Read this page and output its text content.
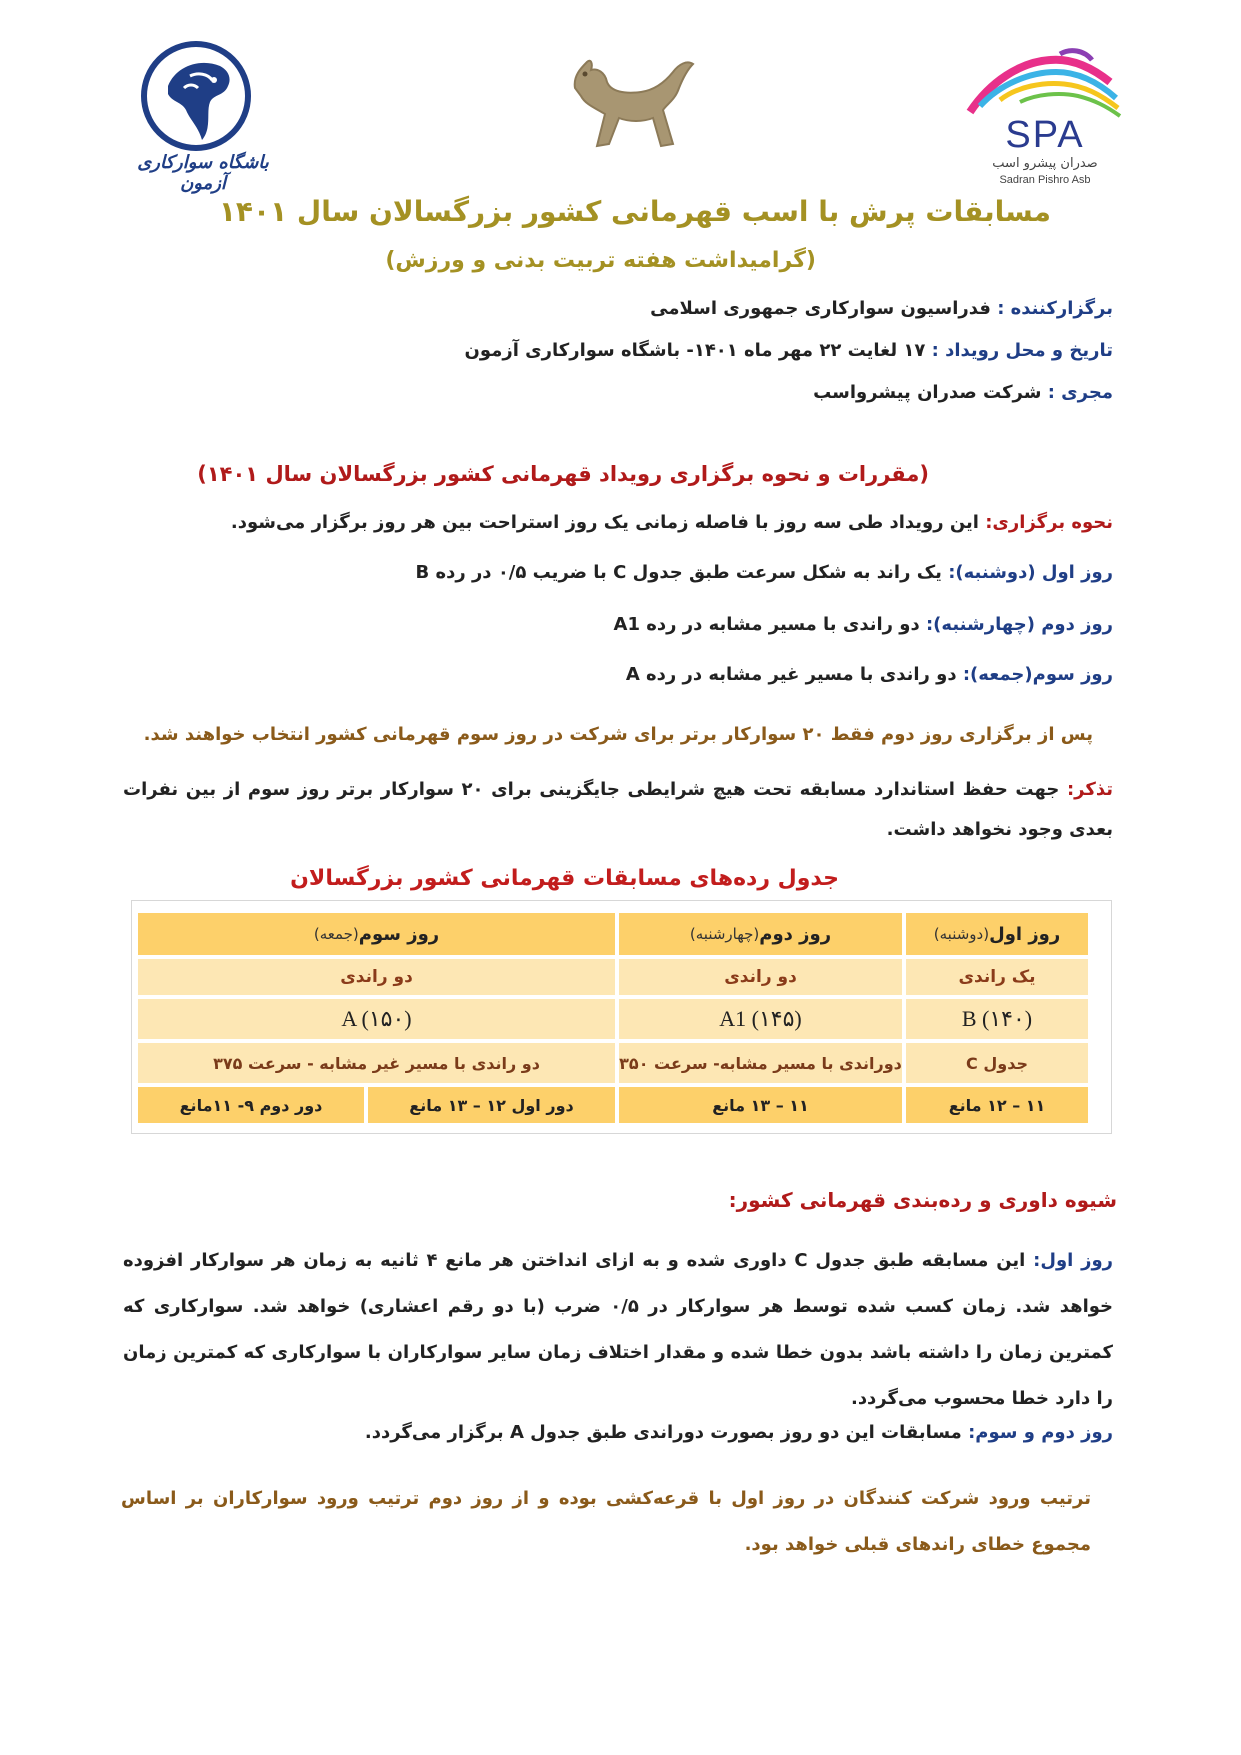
باشگاه سوارکاری آزمون
SPA
صدران پیشرو اسب
Sadran Pishro Asb
مسابقات پرش با اسب قهرمانی کشور بزرگسالان سال ۱۴۰۱
(گرامیداشت هفته تربیت بدنی و ورزش)
برگزارکننده : فدراسیون سوارکاری جمهوری اسلامی
تاریخ و محل رویداد : ۱۷ لغایت ۲۲ مهر ماه ۱۴۰۱- باشگاه سوارکاری آزمون
مجری : شرکت صدران پیشرواسب
(مقررات و نحوه برگزاری رویداد قهرمانی کشور بزرگسالان سال ۱۴۰۱)
نحوه برگزاری: این رویداد طی سه روز با فاصله زمانی یک روز استراحت بین هر روز برگزار می‌شود.
روز اول (دوشنبه): یک راند به شکل سرعت طبق جدول C با ضریب ۰/۵ در رده B
روز دوم (چهارشنبه): دو راندی با مسیر مشابه در رده A1
روز سوم(جمعه): دو راندی با مسیر غیر مشابه در رده A
پس از برگزاری روز دوم فقط ۲۰ سوارکار برتر برای شرکت در روز سوم قهرمانی کشور انتخاب خواهند شد.
تذکر: جهت حفظ استاندارد مسابقه تحت هیچ شرایطی جایگزینی برای ۲۰ سوارکار برتر روز سوم از بین نفرات بعدی وجود نخواهد داشت.
جدول رده‌های مسابقات قهرمانی کشور بزرگسالان
روز اول
(دوشنبه)
روز دوم
(چهارشنبه)
روز سوم
(جمعه)
یک راندی
دو راندی
دو راندی
B (۱۴۰)
A1 (۱۴۵)
A (۱۵۰)
جدول C
دوراندی با مسیر مشابه- سرعت ۳۵۰
دو راندی با مسیر غیر مشابه - سرعت ۳۷۵
۱۱ – ۱۲ مانع
۱۱ – ۱۳ مانع
دور اول ۱۲ – ۱۳ مانع
دور دوم ۹- ۱۱مانع
شیوه داوری و رده‌بندی قهرمانی کشور:
روز اول: این مسابقه طبق جدول C داوری شده و به ازای انداختن هر مانع ۴ ثانیه به زمان هر سوارکار افزوده خواهد شد. زمان کسب شده توسط هر سوارکار در ۰/۵ ضرب (با دو رقم اعشاری) خواهد شد. سوارکاری که کمترین زمان را داشته باشد بدون خطا شده و مقدار اختلاف زمان سایر سوارکاران با سوارکاری که کمترین زمان را دارد خطا محسوب می‌گردد.
روز دوم و سوم: مسابقات این دو روز بصورت دوراندی طبق جدول A برگزار می‌گردد.
ترتیب ورود شرکت کنندگان در روز اول با قرعه‌کشی بوده و از روز دوم ترتیب ورود سوارکاران بر اساس مجموع خطای راندهای قبلی خواهد بود.
